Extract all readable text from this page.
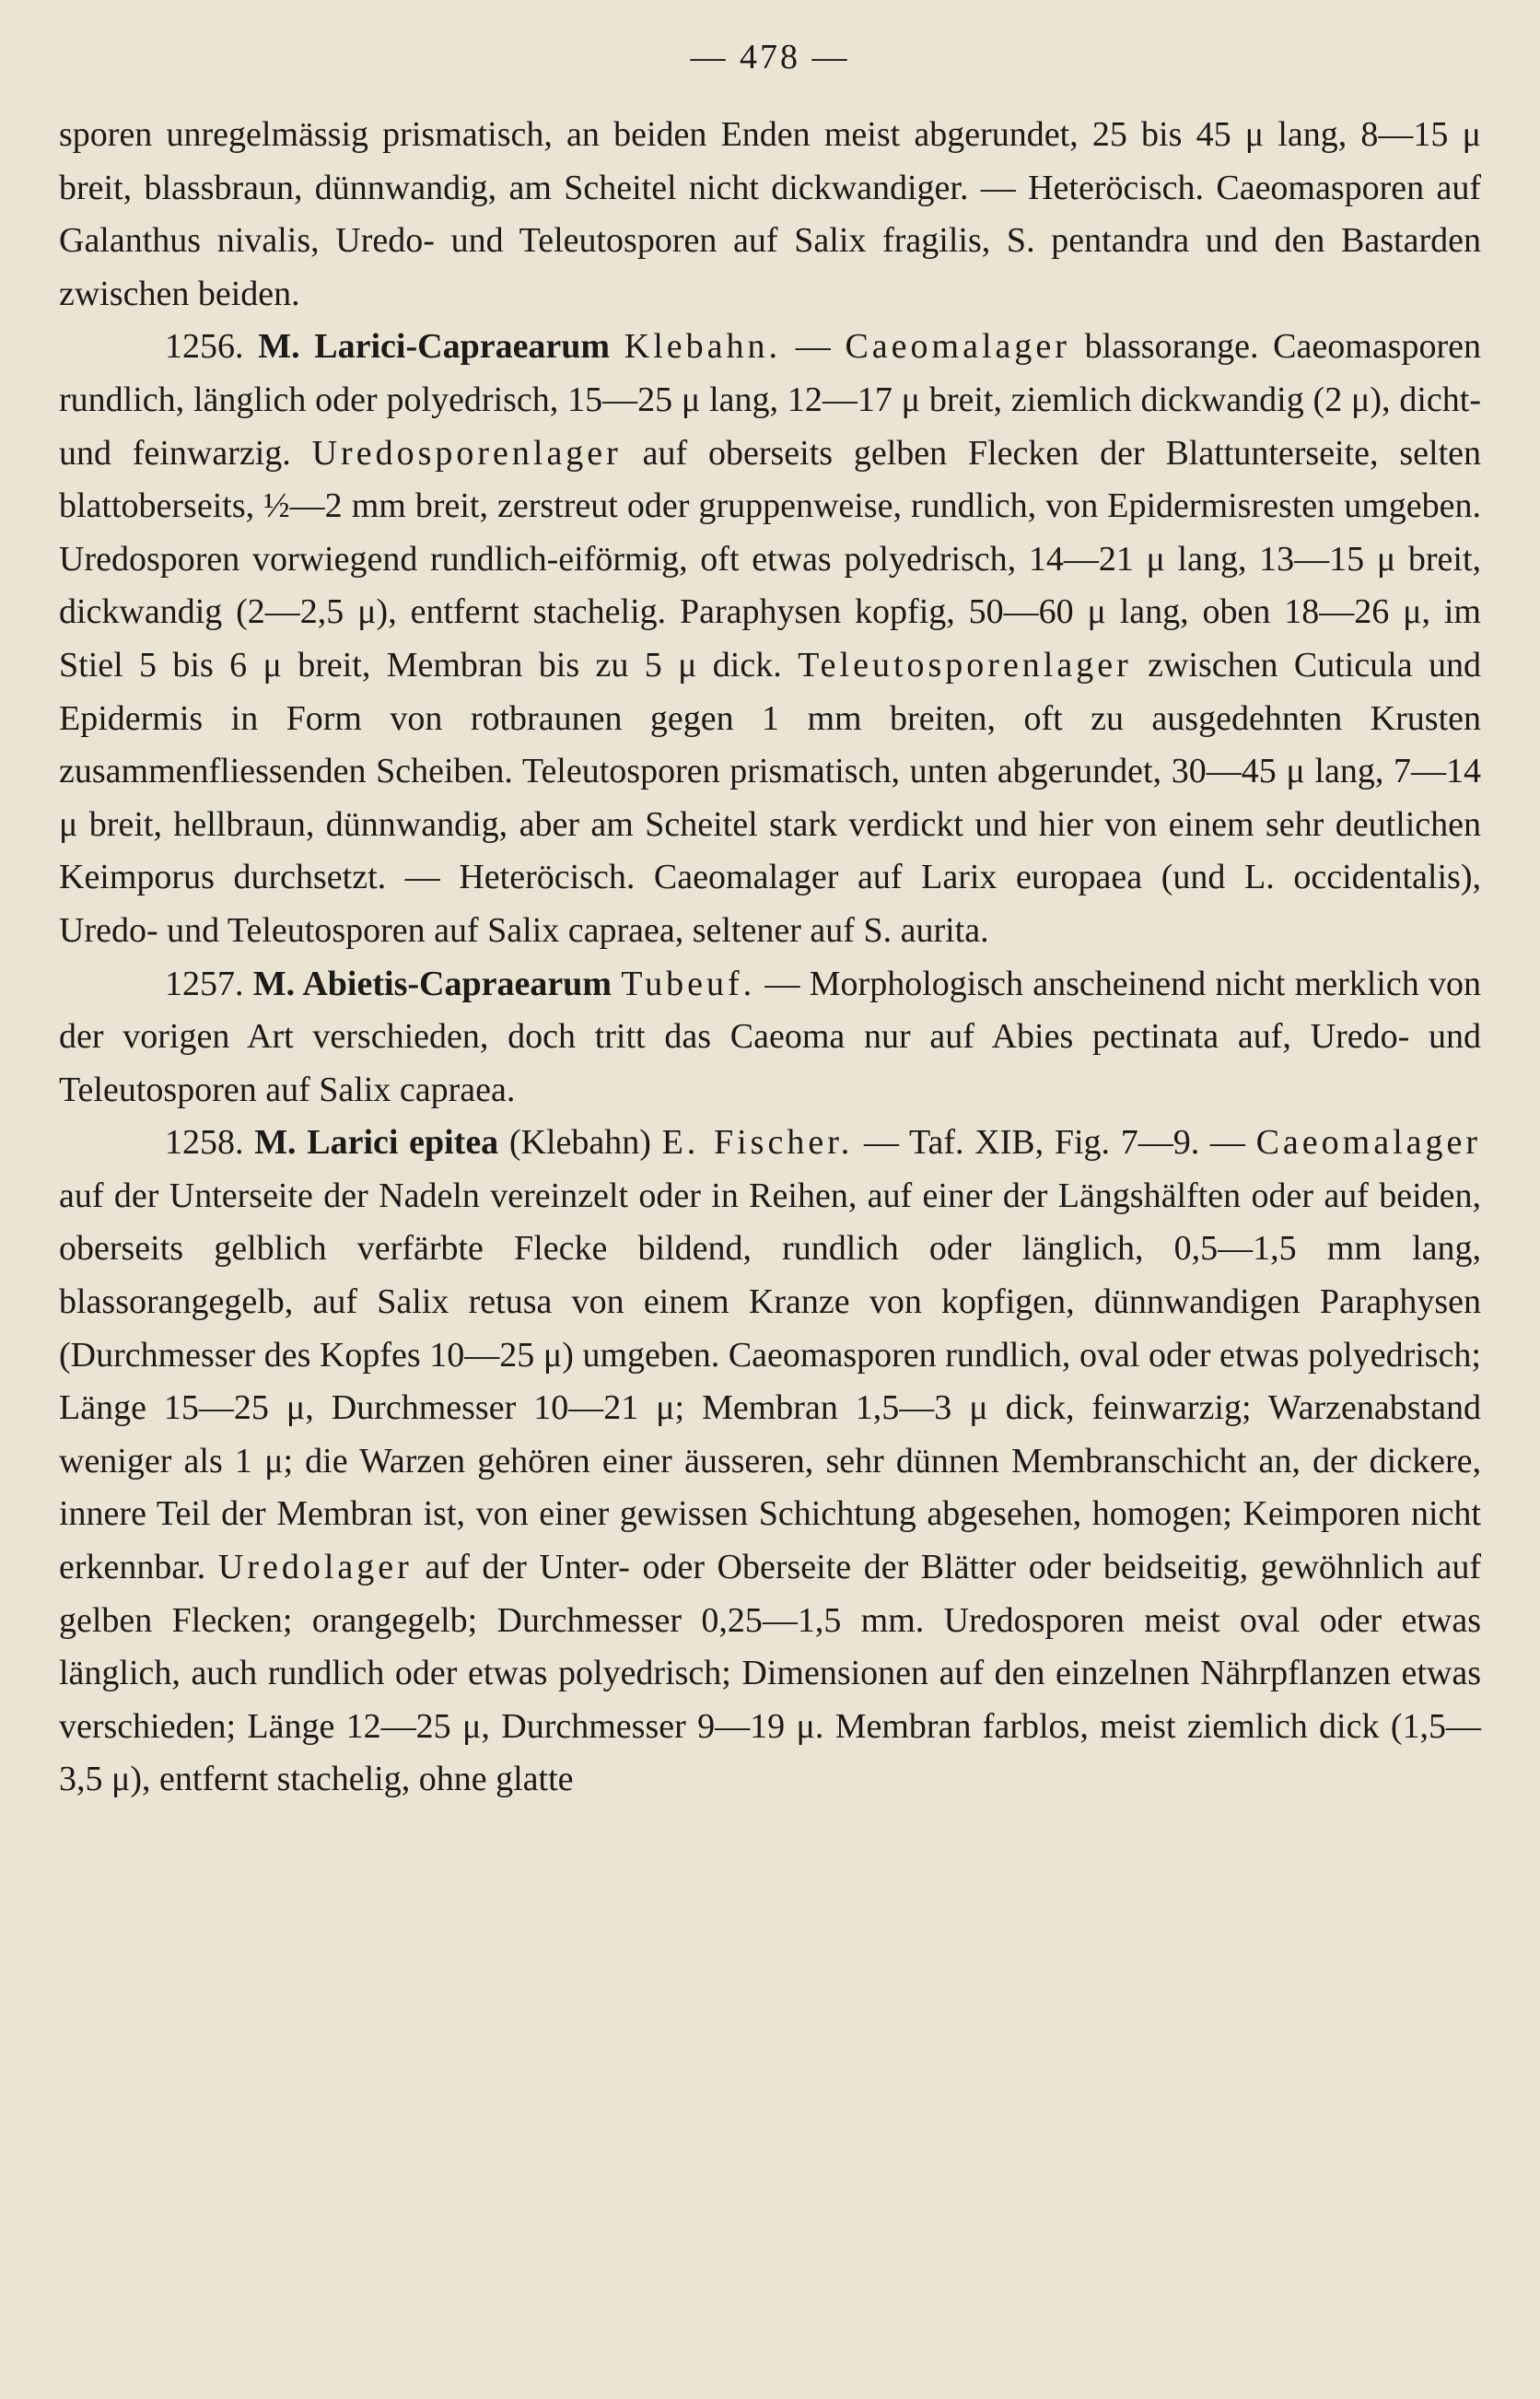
— 478 —

sporen unregelmässig prismatisch, an beiden Enden meist abgerundet, 25 bis 45 μ lang, 8—15 μ breit, blassbraun, dünnwandig, am Scheitel nicht dickwandiger. — Heteröcisch. Caeomasporen auf Galanthus nivalis, Uredo- und Teleutosporen auf Salix fragilis, S. pentandra und den Bastarden zwischen beiden.

1256. M. Larici-Capraearum Klebahn. — Caeomalager blassorange. Caeomasporen rundlich, länglich oder polyedrisch, 15—25 μ lang, 12—17 μ breit, ziemlich dickwandig (2 μ), dicht- und feinwarzig. Uredosporenlager auf oberseits gelben Flecken der Blattunterseite, selten blattoberseits, ½—2 mm breit, zerstreut oder gruppenweise, rundlich, von Epidermisresten umgeben. Uredosporen vorwiegend rundlich-eiförmig, oft etwas polyedrisch, 14—21 μ lang, 13—15 μ breit, dickwandig (2—2,5 μ), entfernt stachelig. Paraphysen kopfig, 50—60 μ lang, oben 18—26 μ, im Stiel 5 bis 6 μ breit, Membran bis zu 5 μ dick. Teleutosporenlager zwischen Cuticula und Epidermis in Form von rotbraunen gegen 1 mm breiten, oft zu ausgedehnten Krusten zusammenfliessenden Scheiben. Teleutosporen prismatisch, unten abgerundet, 30—45 μ lang, 7—14 μ breit, hellbraun, dünnwandig, aber am Scheitel stark verdickt und hier von einem sehr deutlichen Keimporus durchsetzt. — Heteröcisch. Caeomalager auf Larix europaea (und L. occidentalis), Uredo- und Teleutosporen auf Salix capraea, seltener auf S. aurita.

1257. M. Abietis-Capraearum Tubeuf. — Morphologisch anscheinend nicht merklich von der vorigen Art verschieden, doch tritt das Caeoma nur auf Abies pectinata auf, Uredo- und Teleutosporen auf Salix capraea.

1258. M. Larici epitea (Klebahn) E. Fischer. — Taf. XIB, Fig. 7—9. — Caeomalager auf der Unterseite der Nadeln vereinzelt oder in Reihen, auf einer der Längshälften oder auf beiden, oberseits gelblich verfärbte Flecke bildend, rundlich oder länglich, 0,5—1,5 mm lang, blassorangegelb, auf Salix retusa von einem Kranze von kopfigen, dünnwandigen Paraphysen (Durchmesser des Kopfes 10—25 μ) umgeben. Caeomasporen rundlich, oval oder etwas polyedrisch; Länge 15—25 μ, Durchmesser 10—21 μ; Membran 1,5—3 μ dick, feinwarzig; Warzenabstand weniger als 1 μ; die Warzen gehören einer äusseren, sehr dünnen Membranschicht an, der dickere, innere Teil der Membran ist, von einer gewissen Schichtung abgesehen, homogen; Keimporen nicht erkennbar. Uredolager auf der Unter- oder Oberseite der Blätter oder beidseitig, gewöhnlich auf gelben Flecken; orangegelb; Durchmesser 0,25—1,5 mm. Uredosporen meist oval oder etwas länglich, auch rundlich oder etwas polyedrisch; Dimensionen auf den einzelnen Nährpflanzen etwas verschieden; Länge 12—25 μ, Durchmesser 9—19 μ. Membran farblos, meist ziemlich dick (1,5—3,5 μ), entfernt stachelig, ohne glatte
